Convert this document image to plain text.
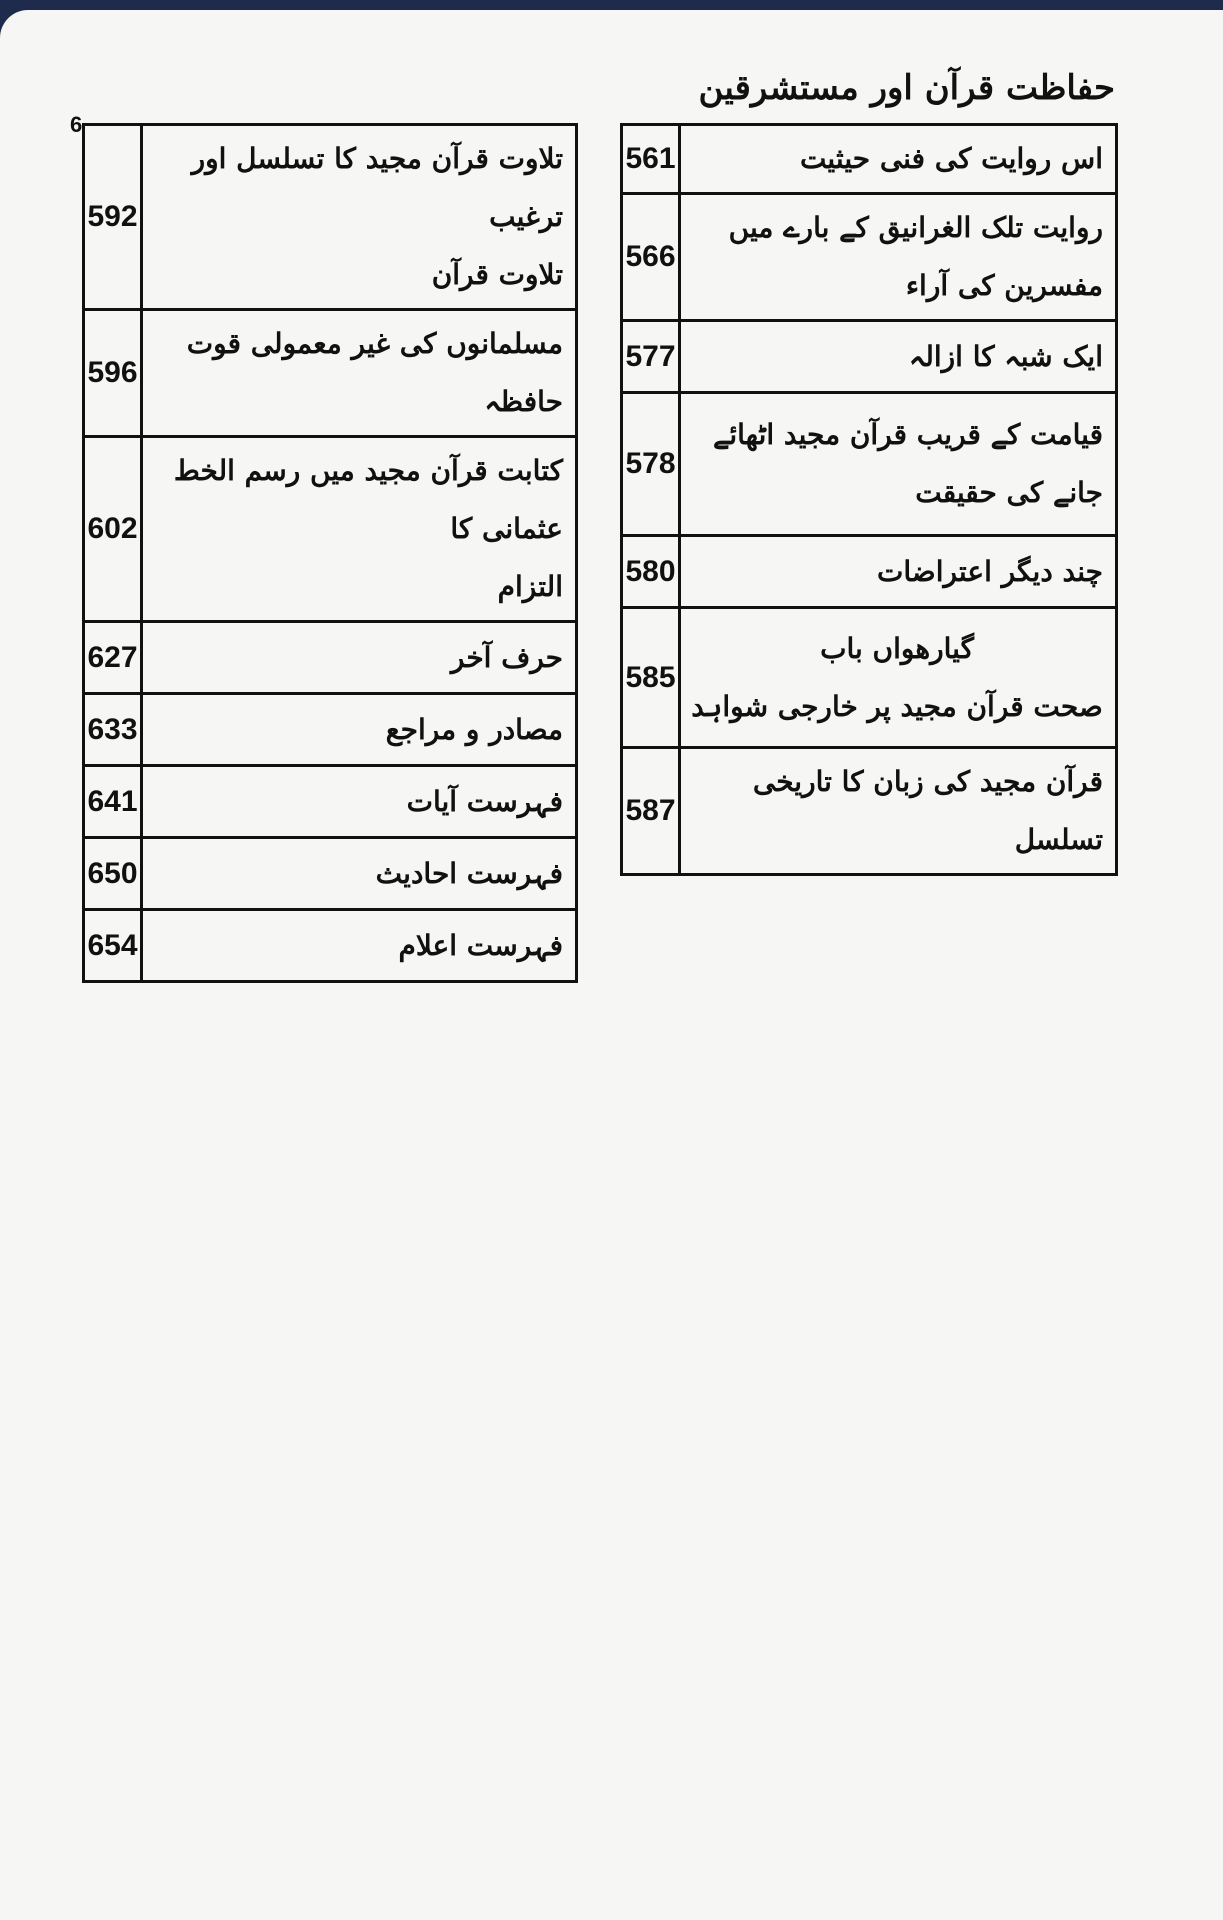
حفاظت قرآن اور مستشرقین
6
561	اس روایت کی فنی حیثیت
566	روایت تلک الغرانیق کے بارے میں
مفسرین کی آراء
577	ایک شبہ کا ازالہ
578	قیامت کے قریب قرآن مجید اٹھائے
جانے کی حقیقت
580	چند دیگر اعتراضات
585	گیارھواں باب
صحت قرآن مجید پر خارجی شواہد
587	قرآن مجید کی زبان کا تاریخی تسلسل
592	تلاوت قرآن مجید کا تسلسل اور ترغیب
تلاوت قرآن
596	مسلمانوں کی غیر معمولی قوت حافظہ
602	کتابت قرآن مجید میں رسم الخط عثمانی کا
التزام
627	حرف آخر
633	مصادر و مراجع
641	فہرست آیات
650	فہرست احادیث
654	فہرست اعلام
